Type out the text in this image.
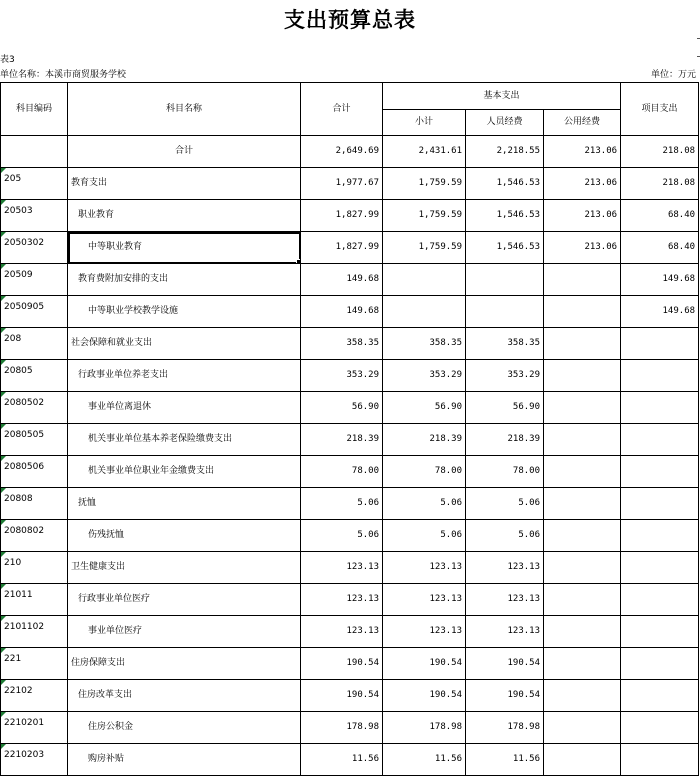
支出预算总表
表3
单位名称：本溪市商贸服务学校	单位：万元
科目编码	科目名称	合计	基本支出			项目支出
			小计	人员经费	公用经费	
	合计	2,649.69	2,431.61	2,218.55	213.06	218.08
205	教育支出	1,977.67	1,759.59	1,546.53	213.06	218.08
20503	职业教育	1,827.99	1,759.59	1,546.53	213.06	68.40
2050302	中等职业教育	1,827.99	1,759.59	1,546.53	213.06	68.40
20509	教育费附加安排的支出	149.68				149.68
2050905	中等职业学校教学设施	149.68				149.68
208	社会保障和就业支出	358.35	358.35	358.35		
20805	行政事业单位养老支出	353.29	353.29	353.29		
2080502	事业单位离退休	56.90	56.90	56.90		
2080505	机关事业单位基本养老保险缴费支出	218.39	218.39	218.39		
2080506	机关事业单位职业年金缴费支出	78.00	78.00	78.00		
20808	抚恤	5.06	5.06	5.06		
2080802	伤残抚恤	5.06	5.06	5.06		
210	卫生健康支出	123.13	123.13	123.13		
21011	行政事业单位医疗	123.13	123.13	123.13		
2101102	事业单位医疗	123.13	123.13	123.13		
221	住房保障支出	190.54	190.54	190.54		
22102	住房改革支出	190.54	190.54	190.54		
2210201	住房公积金	178.98	178.98	178.98		
2210203	购房补贴	11.56	11.56	11.56		
